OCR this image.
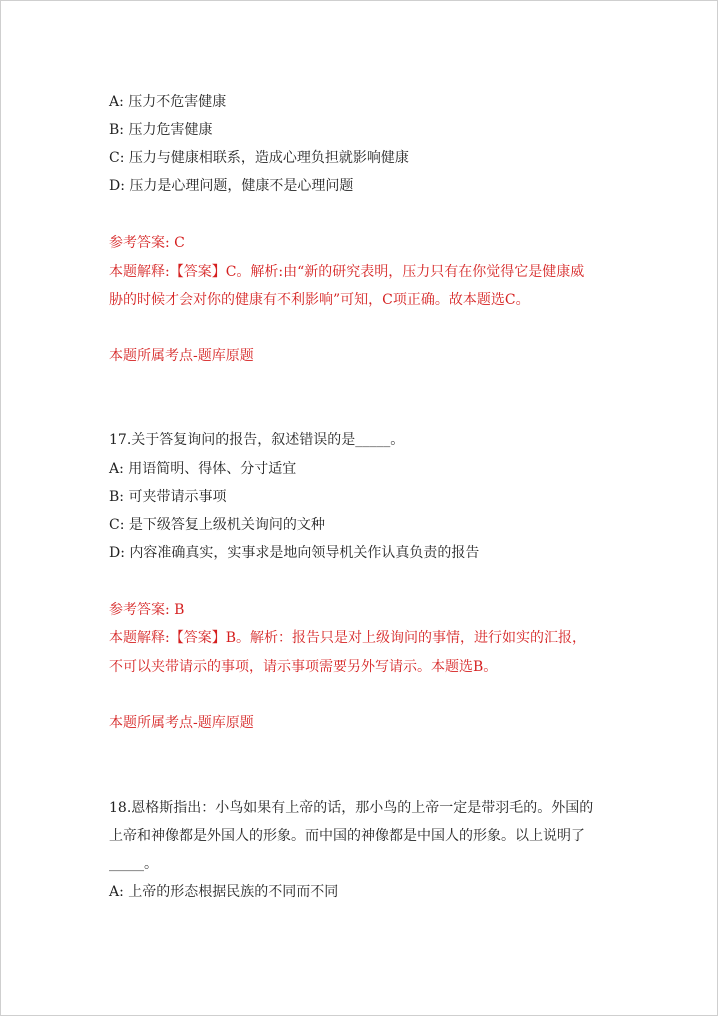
A: 压力不危害健康
B: 压力危害健康
C: 压力与健康相联系，造成心理负担就影响健康
D: 压力是心理问题，健康不是心理问题
参考答案: C
本题解释:【答案】C。解析:由“新的研究表明，压力只有在你觉得它是健康威
胁的时候才会对你的健康有不利影响”可知，C项正确。故本题选C。
本题所属考点-题库原题
17.关于答复询问的报告，叙述错误的是_____。
A: 用语简明、得体、分寸适宜
B: 可夹带请示事项
C: 是下级答复上级机关询问的文种
D: 内容准确真实，实事求是地向领导机关作认真负责的报告
参考答案: B
本题解释:【答案】B。解析：报告只是对上级询问的事情，进行如实的汇报，
不可以夹带请示的事项，请示事项需要另外写请示。本题选B。
本题所属考点-题库原题
18.恩格斯指出：小鸟如果有上帝的话，那小鸟的上帝一定是带羽毛的。外国的
上帝和神像都是外国人的形象。而中国的神像都是中国人的形象。以上说明了
_____。
A: 上帝的形态根据民族的不同而不同
